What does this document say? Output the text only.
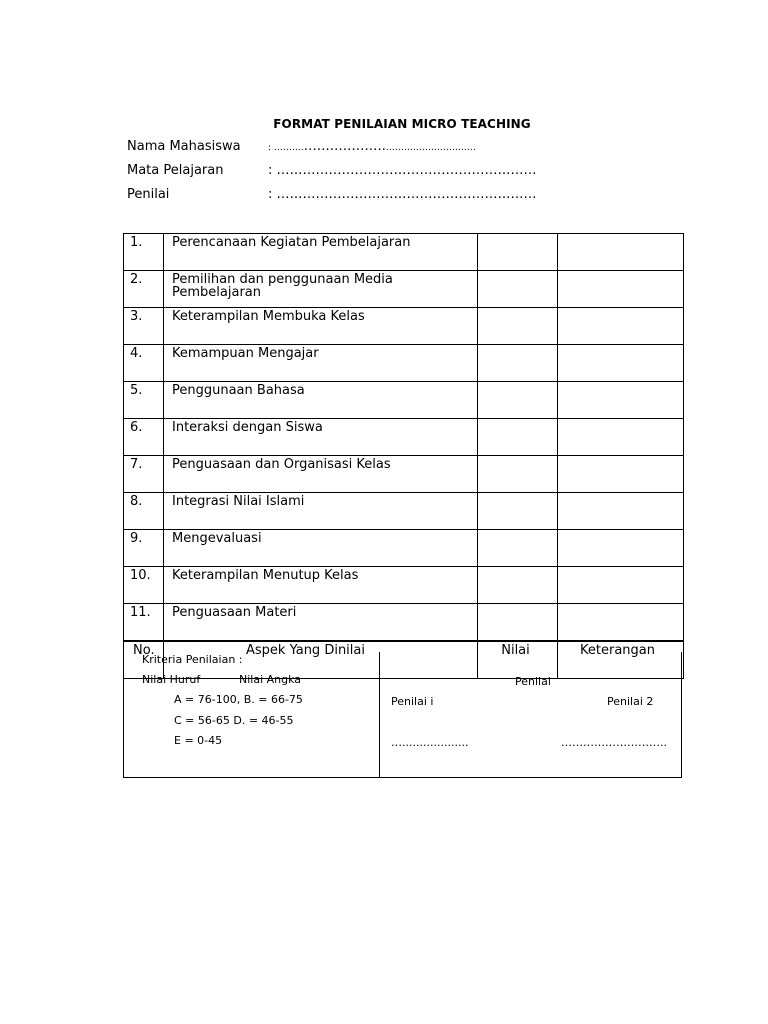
FORMAT PENILAIAN MICRO TEACHING
Nama Mahasiswa	: ……….……………….…………………………
Mata Pelajaran	: ……………………………………………………
Penilai	: ……………………………………………………
1.	Perencanaan Kegiatan Pembelajaran		
2.	Pemilihan dan penggunaan Media Pembelajaran		
3.	Keterampilan Membuka Kelas		
4.	Kemampuan Mengajar		
5.	Penggunaan Bahasa		
6.	Interaksi dengan Siswa		
7.	Penguasaan dan Organisasi Kelas		
8.	Integrasi Nilai Islami		
9.	Mengevaluasi		
10.	Keterampilan Menutup Kelas		
11.	Penguasaan Materi		
No.	Aspek Yang Dinilai	Nilai	Keterangan
Kriteria Penilaian :
Nilai Huruf	Nilai Angka
A = 76-100, B. = 66-75
C = 56-65 D. = 46-55
E = 0-45
Penilai
Penilai i	Penilai 2
…...................	………………………..
